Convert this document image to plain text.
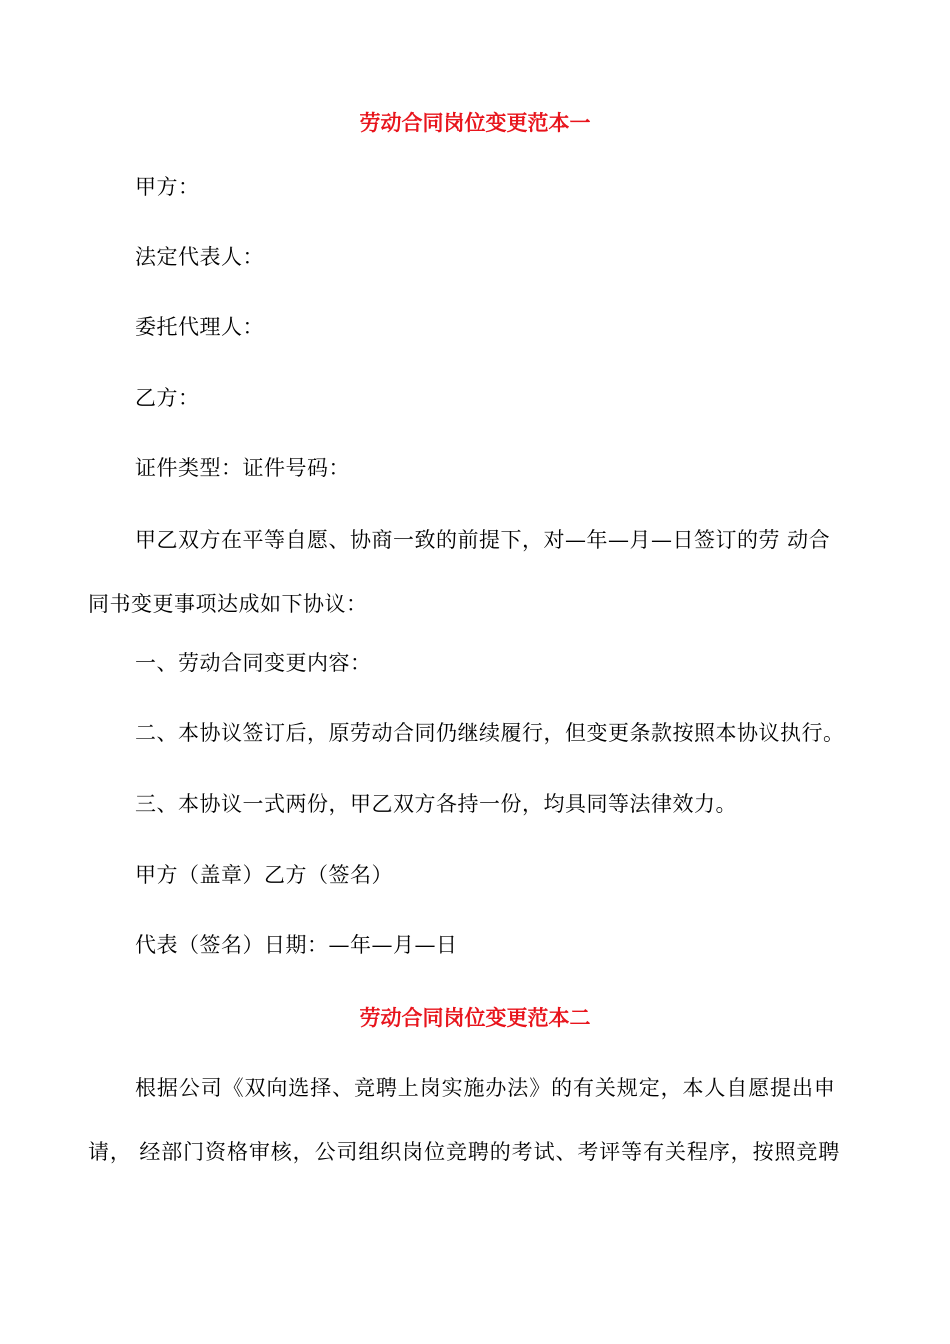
劳动合同岗位变更范本一
甲方：
法定代表人：
委托代理人：
乙方：
证件类型：证件号码：
甲乙双方在平等自愿、协商一致的前提下，对—年—月—日签订的劳 动合
同书变更事项达成如下协议：
一、劳动合同变更内容：
二、本协议签订后，原劳动合同仍继续履行，但变更条款按照本协议执行。
三、本协议一式两份，甲乙双方各持一份，均具同等法律效力。
甲方（盖章）乙方（签名）
代表（签名）日期：—年—月—日
劳动合同岗位变更范本二
根据公司《双向选择、竞聘上岗实施办法》的有关规定，本人自愿提出申
请， 经部门资格审核，公司组织岗位竞聘的考试、考评等有关程序，按照竞聘
